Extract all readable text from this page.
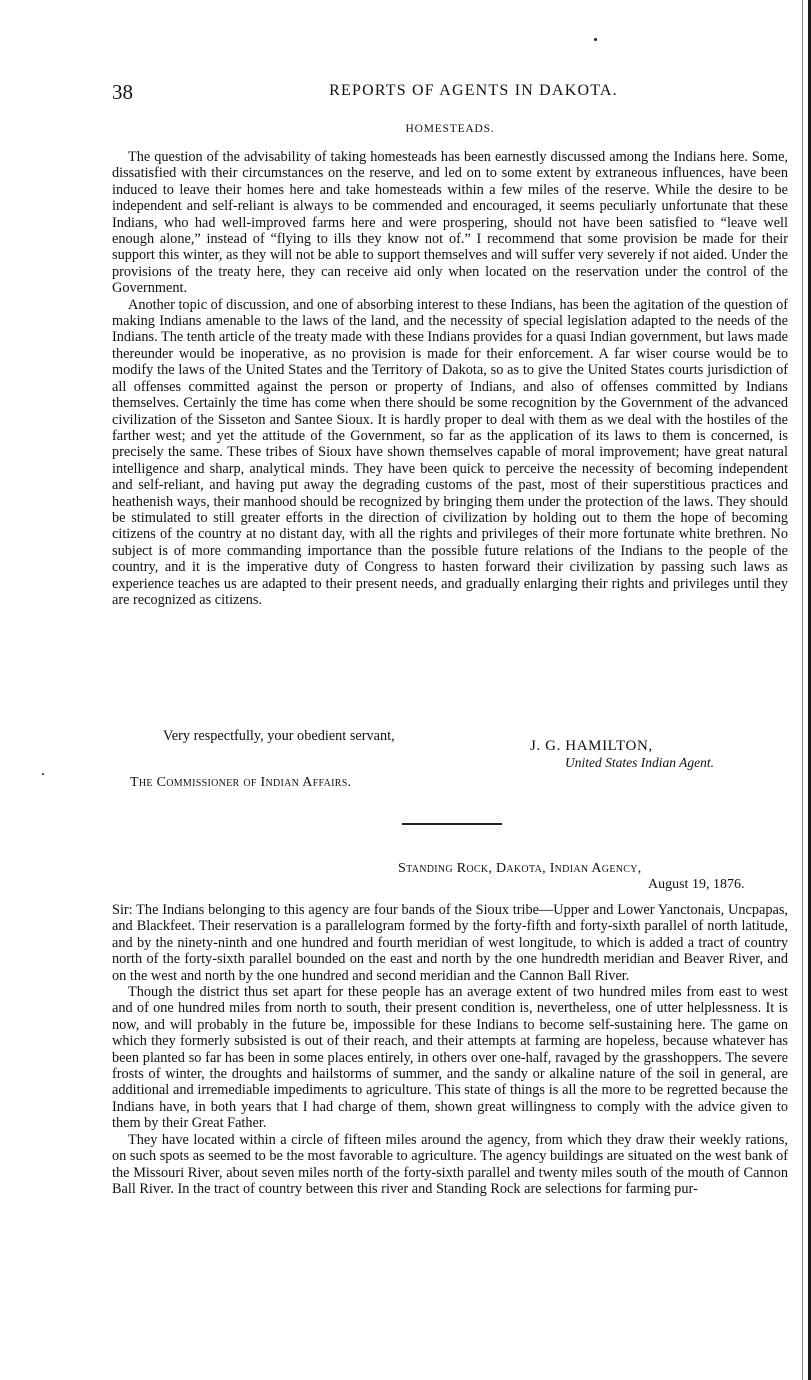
38	REPORTS OF AGENTS IN DAKOTA.
HOMESTEADS.

The question of the advisability of taking homesteads has been earnestly discussed among the Indians here. Some, dissatisfied with their circumstances on the reserve, and led on to some extent by extraneous influences, have been induced to leave their homes here and take homesteads within a few miles of the reserve. While the desire to be independent and self-reliant is always to be commended and encouraged, it seems peculiarly unfortunate that these Indians, who had well-improved farms here and were prospering, should not have been satisfied to “leave well enough alone,” instead of “flying to ills they know not of.” I recommend that some provision be made for their support this winter, as they will not be able to support themselves and will suffer very severely if not aided. Under the provisions of the treaty here, they can receive aid only when located on the reservation under the control of the Government.

Another topic of discussion, and one of absorbing interest to these Indians, has been the agitation of the question of making Indians amenable to the laws of the land, and the necessity of special legislation adapted to the needs of the Indians. The tenth article of the treaty made with these Indians provides for a quasi Indian government, but laws made thereunder would be inoperative, as no provision is made for their enforcement. A far wiser course would be to modify the laws of the United States and the Territory of Dakota, so as to give the United States courts jurisdiction of all offenses committed against the person or property of Indians, and also of offenses committed by Indians themselves. Certainly the time has come when there should be some recognition by the Government of the advanced civilization of the Sisseton and Santee Sioux. It is hardly proper to deal with them as we deal with the hostiles of the farther west; and yet the attitude of the Government, so far as the application of its laws to them is concerned, is precisely the same. These tribes of Sioux have shown themselves capable of moral improvement; have great natural intelligence and sharp, analytical minds. They have been quick to perceive the necessity of becoming independent and self-reliant, and having put away the degrading customs of the past, most of their superstitious practices and heathenish ways, their manhood should be recognized by bringing them under the protection of the laws. They should be stimulated to still greater efforts in the direction of civilization by holding out to them the hope of becoming citizens of the country at no distant day, with all the rights and privileges of their more fortunate white brethren. No subject is of more commanding importance than the possible future relations of the Indians to the people of the country, and it is the imperative duty of Congress to hasten forward their civilization by passing such laws as experience teaches us are adapted to their present needs, and gradually enlarging their rights and privileges until they are recognized as citizens.

Very respectfully, your obedient servant,
J. G. HAMILTON,
United States Indian Agent.
The Commissioner of Indian Affairs.
Standing Rock, Dakota, Indian Agency,
August 19, 1876.

Sir: The Indians belonging to this agency are four bands of the Sioux tribe—Upper and Lower Yanctonais, Uncpapas, and Blackfeet. Their reservation is a parallelogram formed by the forty-fifth and forty-sixth parallel of north latitude, and by the ninety-ninth and one hundred and fourth meridian of west longitude, to which is added a tract of country north of the forty-sixth parallel bounded on the east and north by the one hundredth meridian and Beaver River, and on the west and north by the one hundred and second meridian and the Cannon Ball River.

Though the district thus set apart for these people has an average extent of two hundred miles from east to west and of one hundred miles from north to south, their present condition is, nevertheless, one of utter helplessness. It is now, and will probably in the future be, impossible for these Indians to become self-sustaining here. The game on which they formerly subsisted is out of their reach, and their attempts at farming are hopeless, because whatever has been planted so far has been in some places entirely, in others over one-half, ravaged by the grasshoppers. The severe frosts of winter, the droughts and hailstorms of summer, and the sandy or alkaline nature of the soil in general, are additional and irremediable impediments to agriculture. This state of things is all the more to be regretted because the Indians have, in both years that I had charge of them, shown great willingness to comply with the advice given to them by their Great Father.

They have located within a circle of fifteen miles around the agency, from which they draw their weekly rations, on such spots as seemed to be the most favorable to agriculture. The agency buildings are situated on the west bank of the Missouri River, about seven miles north of the forty-sixth parallel and twenty miles south of the mouth of Cannon Ball River. In the tract of country between this river and Standing Rock are selections for farming pur-
